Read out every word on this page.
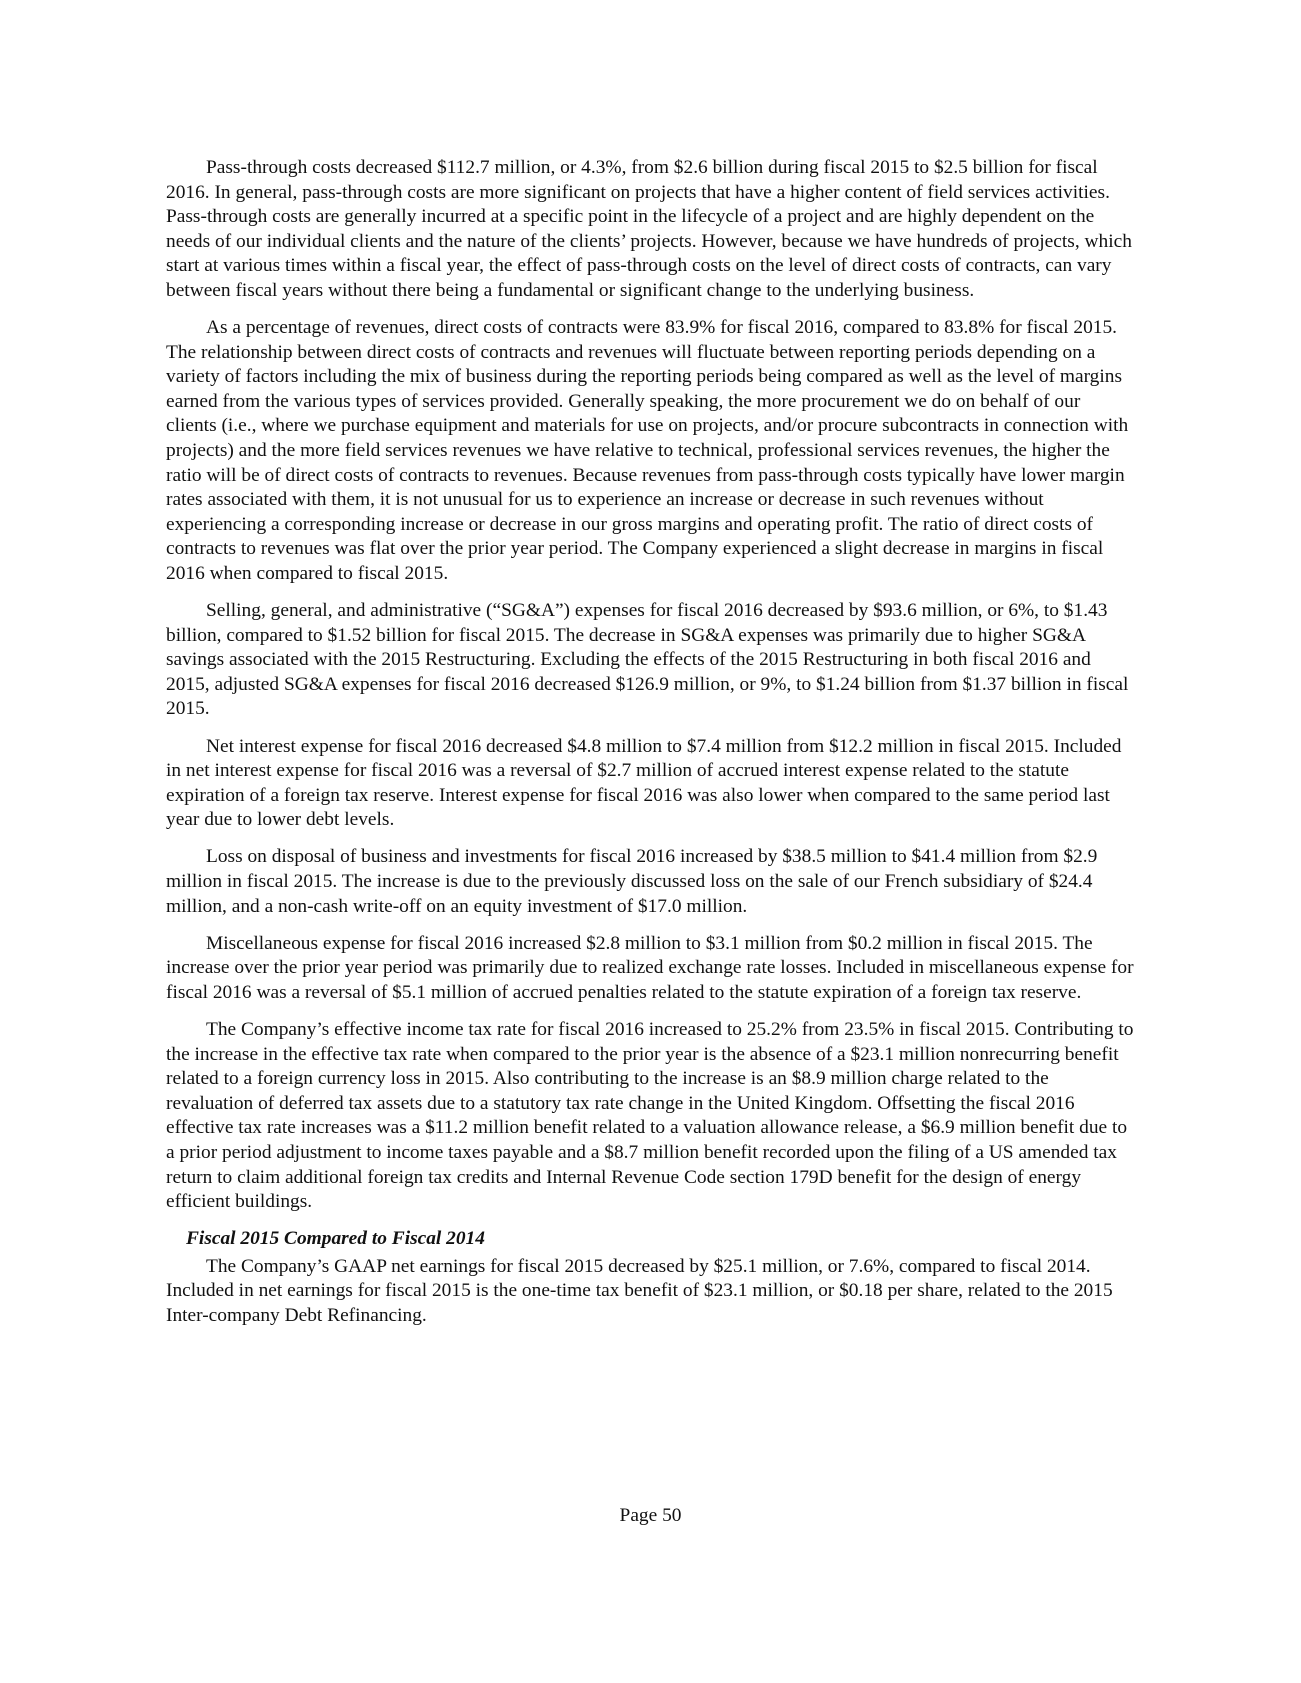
Pass-through costs decreased $112.7 million, or 4.3%, from $2.6 billion during fiscal 2015 to $2.5 billion for fiscal 2016. In general, pass-through costs are more significant on projects that have a higher content of field services activities. Pass-through costs are generally incurred at a specific point in the lifecycle of a project and are highly dependent on the needs of our individual clients and the nature of the clients’ projects. However, because we have hundreds of projects, which start at various times within a fiscal year, the effect of pass-through costs on the level of direct costs of contracts, can vary between fiscal years without there being a fundamental or significant change to the underlying business.

As a percentage of revenues, direct costs of contracts were 83.9% for fiscal 2016, compared to 83.8% for fiscal 2015. The relationship between direct costs of contracts and revenues will fluctuate between reporting periods depending on a variety of factors including the mix of business during the reporting periods being compared as well as the level of margins earned from the various types of services provided. Generally speaking, the more procurement we do on behalf of our clients (i.e., where we purchase equipment and materials for use on projects, and/or procure subcontracts in connection with projects) and the more field services revenues we have relative to technical, professional services revenues, the higher the ratio will be of direct costs of contracts to revenues. Because revenues from pass-through costs typically have lower margin rates associated with them, it is not unusual for us to experience an increase or decrease in such revenues without experiencing a corresponding increase or decrease in our gross margins and operating profit. The ratio of direct costs of contracts to revenues was flat over the prior year period. The Company experienced a slight decrease in margins in fiscal 2016 when compared to fiscal 2015.

Selling, general, and administrative (“SG&A”) expenses for fiscal 2016 decreased by $93.6 million, or 6%, to $1.43 billion, compared to $1.52 billion for fiscal 2015. The decrease in SG&A expenses was primarily due to higher SG&A savings associated with the 2015 Restructuring. Excluding the effects of the 2015 Restructuring in both fiscal 2016 and 2015, adjusted SG&A expenses for fiscal 2016 decreased $126.9 million, or 9%, to $1.24 billion from $1.37 billion in fiscal 2015.

Net interest expense for fiscal 2016 decreased $4.8 million to $7.4 million from $12.2 million in fiscal 2015. Included in net interest expense for fiscal 2016 was a reversal of $2.7 million of accrued interest expense related to the statute expiration of a foreign tax reserve. Interest expense for fiscal 2016 was also lower when compared to the same period last year due to lower debt levels.

Loss on disposal of business and investments for fiscal 2016 increased by $38.5 million to $41.4 million from $2.9 million in fiscal 2015. The increase is due to the previously discussed loss on the sale of our French subsidiary of $24.4 million, and a non-cash write-off on an equity investment of $17.0 million.

Miscellaneous expense for fiscal 2016 increased $2.8 million to $3.1 million from $0.2 million in fiscal 2015. The increase over the prior year period was primarily due to realized exchange rate losses. Included in miscellaneous expense for fiscal 2016 was a reversal of $5.1 million of accrued penalties related to the statute expiration of a foreign tax reserve.

The Company’s effective income tax rate for fiscal 2016 increased to 25.2% from 23.5% in fiscal 2015. Contributing to the increase in the effective tax rate when compared to the prior year is the absence of a $23.1 million nonrecurring benefit related to a foreign currency loss in 2015. Also contributing to the increase is an $8.9 million charge related to the revaluation of deferred tax assets due to a statutory tax rate change in the United Kingdom. Offsetting the fiscal 2016 effective tax rate increases was a $11.2 million benefit related to a valuation allowance release, a $6.9 million benefit due to a prior period adjustment to income taxes payable and a $8.7 million benefit recorded upon the filing of a US amended tax return to claim additional foreign tax credits and Internal Revenue Code section 179D benefit for the design of energy efficient buildings.

Fiscal 2015 Compared to Fiscal 2014

The Company’s GAAP net earnings for fiscal 2015 decreased by $25.1 million, or 7.6%, compared to fiscal 2014. Included in net earnings for fiscal 2015 is the one-time tax benefit of $23.1 million, or $0.18 per share, related to the 2015 Inter-company Debt Refinancing.

Page 50
